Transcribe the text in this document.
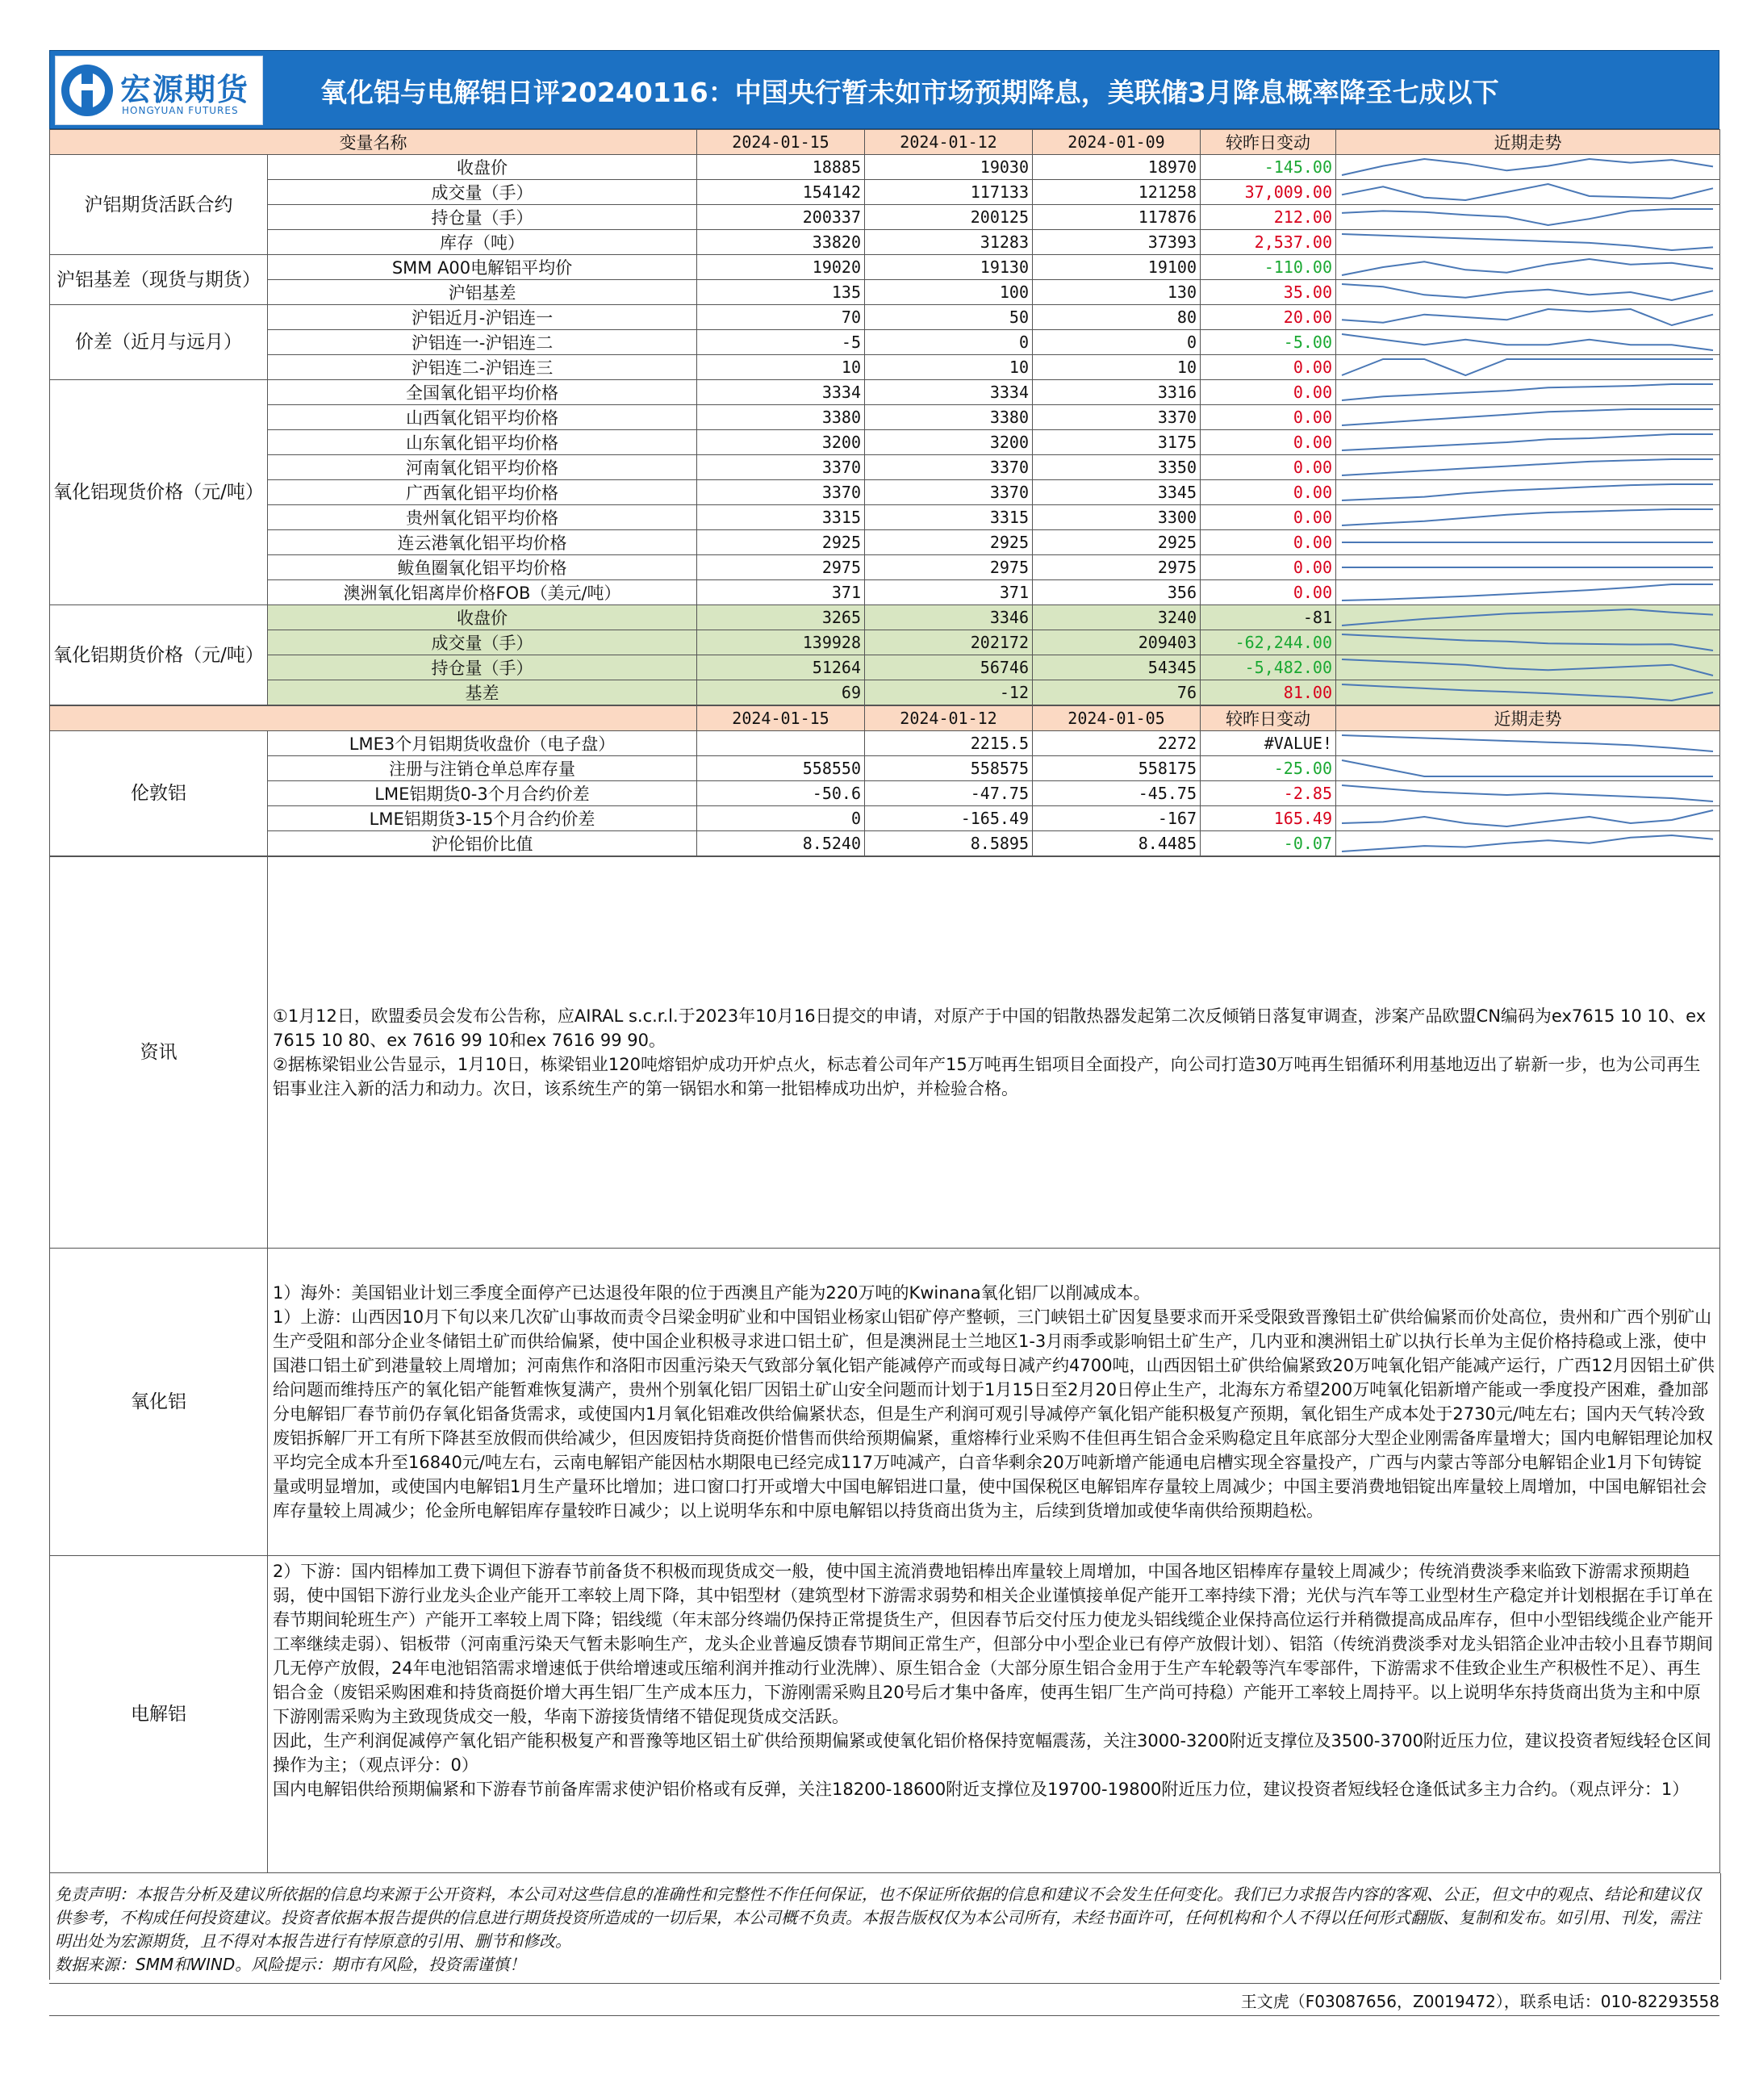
宏源期货
HONGYUAN FUTURES
氧化铝与电解铝日评20240116：中国央行暂未如市场预期降息，美联储3月降息概率降至七成以下
变量名称		2024-01-15	2024-01-12	2024-01-09	较昨日变动	近期走势
沪铝期货活跃合约	收盘价	18885	19030	18970	-145.00	

	成交量（手）	154142	117133	121258	37,009.00	

	持仓量（手）	200337	200125	117876	212.00	

	库存（吨）	33820	31283	37393	2,537.00	

沪铝基差（现货与期货）	SMM A00电解铝平均价	19020	19130	19100	-110.00	

	沪铝基差	135	100	130	35.00	

价差（近月与远月）	沪铝近月-沪铝连一	70	50	80	20.00	

	沪铝连一-沪铝连二	-5	0	0	-5.00	

	沪铝连二-沪铝连三	10	10	10	0.00	

氧化铝现货价格（元/吨）	全国氧化铝平均价格	3334	3334	3316	0.00	

	山西氧化铝平均价格	3380	3380	3370	0.00	

	山东氧化铝平均价格	3200	3200	3175	0.00	

	河南氧化铝平均价格	3370	3370	3350	0.00	

	广西氧化铝平均价格	3370	3370	3345	0.00	

	贵州氧化铝平均价格	3315	3315	3300	0.00	

	连云港氧化铝平均价格	2925	2925	2925	0.00	

	鲅鱼圈氧化铝平均价格	2975	2975	2975	0.00	

	澳洲氧化铝离岸价格FOB（美元/吨）	371	371	356	0.00	

氧化铝期货价格（元/吨）	收盘价	3265	3346	3240	-81	

	成交量（手）	139928	202172	209403	-62,244.00	

	持仓量（手）	51264	56746	54345	-5,482.00	

	基差	69	-12	76	81.00	
		2024-01-15	2024-01-12	2024-01-05	较昨日变动	近期走势
伦敦铝	LME3个月铝期货收盘价（电子盘）		2215.5	2272	#VALUE!	

	注册与注销仓单总库存量	558550	558575	558175	-25.00	

	LME铝期货0-3个月合约价差	-50.6	-47.75	-45.75	-2.85	

	LME铝期货3-15个月合约价差	0	-165.49	-167	165.49	

	沪伦铝价比值	8.5240	8.5895	8.4485	-0.07	
资讯	①1月12日，欧盟委员会发布公告称，应AIRAL s.c.r.l.于2023年10月16日提交的申请，对原产于中国的铝散热器发起第二次反倾销日落复审调查，涉案产品欧盟CN编码为ex7615 10 10、ex 7615 10 80、ex 7616 99 10和ex 7616 99 90。

②据栋梁铝业公告显示，1月10日，栋梁铝业120吨熔铝炉成功开炉点火，标志着公司年产15万吨再生铝项目全面投产，向公司打造30万吨再生铝循环利用基地迈出了崭新一步，也为公司再生铝事业注入新的活力和动力。次日，该系统生产的第一锅铝水和第一批铝棒成功出炉，并检验合格。

氧化铝	1）海外：美国铝业计划三季度全面停产已达退役年限的位于西澳且产能为220万吨的Kwinana氧化铝厂以削减成本。

1）上游：山西因10月下旬以来几次矿山事故而责令吕梁金明矿业和中国铝业杨家山铝矿停产整顿，三门峡铝土矿因复垦要求而开采受限致晋豫铝土矿供给偏紧而价处高位，贵州和广西个别矿山生产受阻和部分企业冬储铝土矿而供给偏紧，使中国企业积极寻求进口铝土矿，但是澳洲昆士兰地区1-3月雨季或影响铝土矿生产，几内亚和澳洲铝土矿以执行长单为主促价格持稳或上涨，使中国港口铝土矿到港量较上周增加；河南焦作和洛阳市因重污染天气致部分氧化铝产能减停产而或每日减产约4700吨，山西因铝土矿供给偏紧致20万吨氧化铝产能减产运行，广西12月因铝土矿供给问题而维持压产的氧化铝产能暂难恢复满产，贵州个别氧化铝厂因铝土矿山安全问题而计划于1月15日至2月20日停止生产，北海东方希望200万吨氧化铝新增产能或一季度投产困难，叠加部分电解铝厂春节前仍存氧化铝备货需求，或使国内1月氧化铝难改供给偏紧状态，但是生产利润可观引导减停产氧化铝产能积极复产预期，氧化铝生产成本处于2730元/吨左右；国内天气转冷致废铝拆解厂开工有所下降甚至放假而供给减少，但因废铝持货商挺价惜售而供给预期偏紧，重熔棒行业采购不佳但再生铝合金采购稳定且年底部分大型企业刚需备库量增大；国内电解铝理论加权平均完全成本升至16840元/吨左右，云南电解铝产能因枯水期限电已经完成117万吨减产，白音华剩余20万吨新增产能通电启槽实现全容量投产，广西与内蒙古等部分电解铝企业1月下旬铸锭量或明显增加，或使国内电解铝1月生产量环比增加；进口窗口打开或增大中国电解铝进口量，使中国保税区电解铝库存量较上周减少；中国主要消费地铝锭出库量较上周增加，中国电解铝社会库存量较上周减少；伦金所电解铝库存量较昨日减少；以上说明华东和中原电解铝以持货商出货为主，后续到货增加或使华南供给预期趋松。

电解铝	2）下游：国内铝棒加工费下调但下游春节前备货不积极而现货成交一般，使中国主流消费地铝棒出库量较上周增加，中国各地区铝棒库存量较上周减少；传统消费淡季来临致下游需求预期趋弱，使中国铝下游行业龙头企业产能开工率较上周下降，其中铝型材（建筑型材下游需求弱势和相关企业谨慎接单促产能开工率持续下滑；光伏与汽车等工业型材生产稳定并计划根据在手订单在春节期间轮班生产）产能开工率较上周下降；铝线缆（年末部分终端仍保持正常提货生产，但因春节后交付压力使龙头铝线缆企业保持高位运行并稍微提高成品库存，但中小型铝线缆企业产能开工率继续走弱）、铝板带（河南重污染天气暂未影响生产，龙头企业普遍反馈春节期间正常生产，但部分中小型企业已有停产放假计划）、铝箔（传统消费淡季对龙头铝箔企业冲击较小且春节期间几无停产放假，24年电池铝箔需求增速低于供给增速或压缩利润并推动行业洗牌）、原生铝合金（大部分原生铝合金用于生产车轮毂等汽车零部件，下游需求不佳致企业生产积极性不足）、再生铝合金（废铝采购困难和持货商挺价增大再生铝厂生产成本压力，下游刚需采购且20号后才集中备库，使再生铝厂生产尚可持稳）产能开工率较上周持平。以上说明华东持货商出货为主和中原下游刚需采购为主致现货成交一般，华南下游接货情绪不错促现货成交活跃。

因此，生产利润促减停产氧化铝产能积极复产和晋豫等地区铝土矿供给预期偏紧或使氧化铝价格保持宽幅震荡，关注3000-3200附近支撑位及3500-3700附近压力位，建议投资者短线轻仓区间操作为主；（观点评分：0）

国内电解铝供给预期偏紧和下游春节前备库需求使沪铝价格或有反弹，关注18200-18600附近支撑位及19700-19800附近压力位，建议投资者短线轻仓逢低试多主力合约。（观点评分：1）

免责声明：本报告分析及建议所依据的信息均来源于公开资料，本公司对这些信息的准确性和完整性不作任何保证，也不保证所依据的信息和建议不会发生任何变化。我们已力求报告内容的客观、公正，但文中的观点、结论和建议仅供参考，不构成任何投资建议。投资者依据本报告提供的信息进行期货投资所造成的一切后果，本公司概不负责。本报告版权仅为本公司所有，未经书面许可，任何机构和个人不得以任何形式翻版、复制和发布。如引用、刊发，需注明出处为宏源期货，且不得对本报告进行有悖原意的引用、删节和修改。
数据来源：SMM和WIND。风险提示：期市有风险，投资需谨慎！
王文虎（F03087656，Z0019472），联系电话：010-82293558
